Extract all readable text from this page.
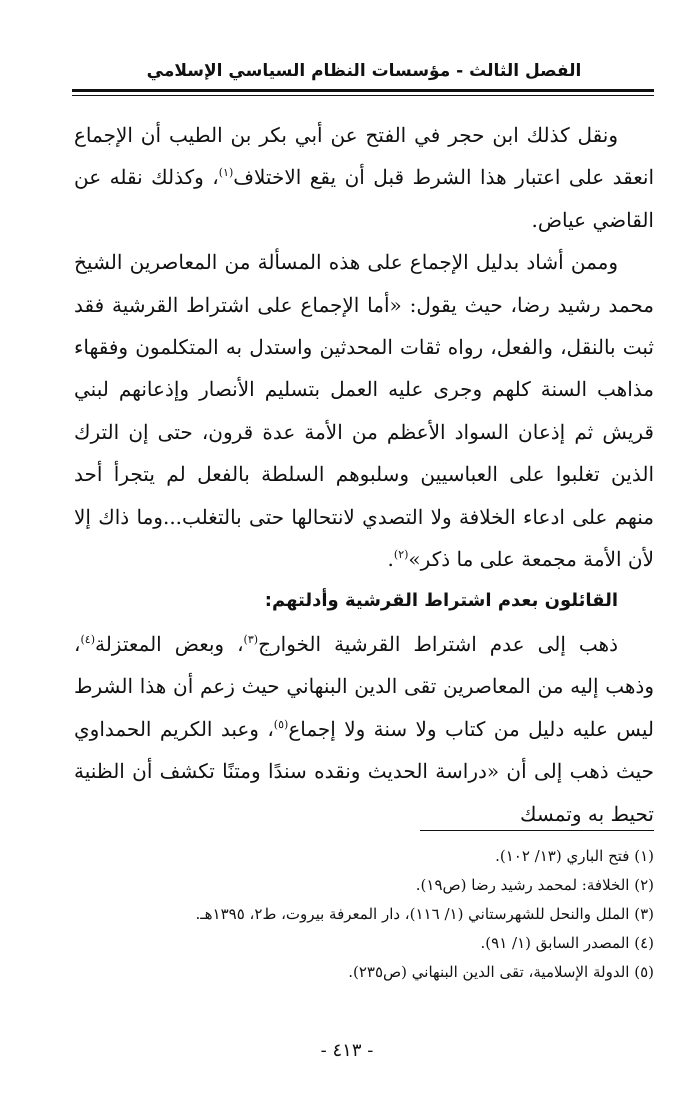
الفصل الثالث - مؤسسات النظام السياسي الإسلامي

ونقل كذلك ابن حجر في الفتح عن أبي بكر بن الطيب أن الإجماع انعقد على اعتبار هذا الشرط قبل أن يقع الاختلاف$^{(١)}$، وكذلك نقله عن القاضي عياض.

وممن أشاد بدليل الإجماع على هذه المسألة من المعاصرين الشيخ محمد رشيد رضا، حيث يقول: «أما الإجماع على اشتراط القرشية فقد ثبت بالنقل، والفعل، رواه ثقات المحدثين واستدل به المتكلمون وفقهاء مذاهب السنة كلهم وجرى عليه العمل بتسليم الأنصار وإذعانهم لبني قريش ثم إذعان السواد الأعظم من الأمة عدة قرون، حتى إن الترك الذين تغلبوا على العباسيين وسلبوهم السلطة بالفعل لم يتجرأ أحد منهم على ادعاء الخلافة ولا التصدي لانتحالها حتى بالتغلب...وما ذاك إلا لأن الأمة مجمعة على ما ذكر»$^{(٢)}$.

القائلون بعدم اشتراط القرشية وأدلتهم:

ذهب إلى عدم اشتراط القرشية الخوارج$^{(٣)}$، وبعض المعتزلة$^{(٤)}$، وذهب إليه من المعاصرين تقى الدين البنهاني حيث زعم أن هذا الشرط ليس عليه دليل من كتاب ولا سنة ولا إجماع$^{(٥)}$، وعبد الكريم الحمداوي حيث ذهب إلى أن «دراسة الحديث ونقده سندًا ومتنًا تكشف أن الظنية تحيط به وتمسك

(١) فتح الباري (١٣/ ١٠٢).
(٢) الخلافة: لمحمد رشيد رضا (ص١٩).
(٣) الملل والنحل للشهرستاني (١/ ١١٦)، دار المعرفة بيروت، ط٢، ١٣٩٥هـ.
(٤) المصدر السابق (١/ ٩١).
(٥) الدولة الإسلامية، تقى الدين البنهاني (ص٢٣٥).
- ٤١٣ -
